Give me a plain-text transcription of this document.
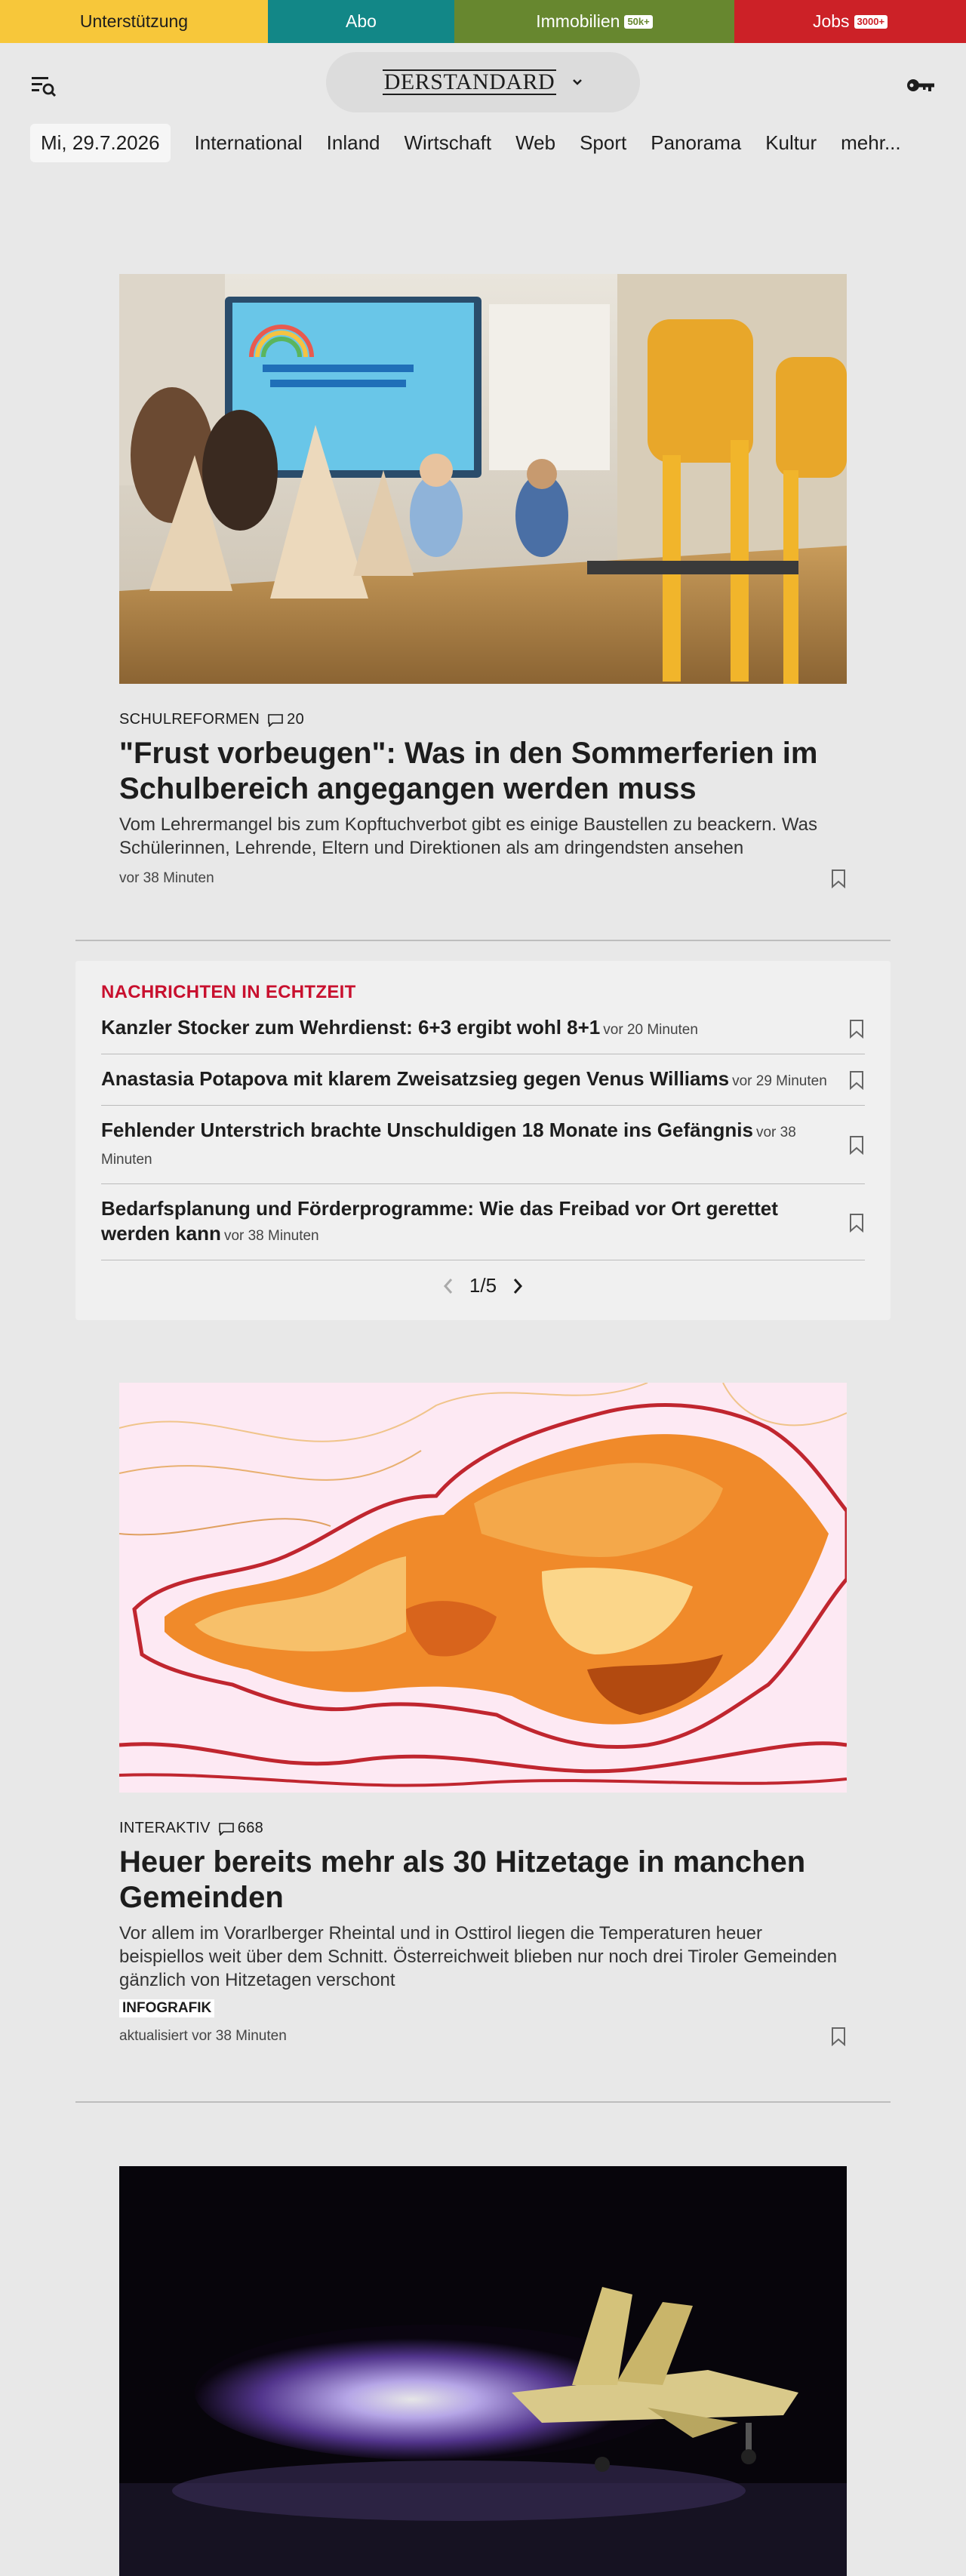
Unterstützung	Abo	Immobilien 50k+	Jobs 3000+
DERSTANDARD
Mi, 29.7.2026	International	Inland	Wirtschaft	Web	Sport	Panorama	Kultur	mehr...
SCHULREFORMEN 20
"Frust vorbeugen": Was in den Sommerferien im Schulbereich angegangen werden muss
Vom Lehrermangel bis zum Kopftuchverbot gibt es einige Baustellen zu beackern. Was Schülerinnen, Lehrende, Eltern und Direktionen als am dringendsten ansehen
vor 38 Minuten
NACHRICHTEN IN ECHTZEIT
Kanzler Stocker zum Wehrdienst: 6+3 ergibt wohl 8+1 vor 20 Minuten
Anastasia Potapova mit klarem Zweisatzsieg gegen Venus Williams vor 29 Minuten
Fehlender Unterstrich brachte Unschuldigen 18 Monate ins Gefängnis vor 38 Minuten
Bedarfsplanung und Förderprogramme: Wie das Freibad vor Ort gerettet werden kann vor 38 Minuten
1/5
INTERAKTIV 668
Heuer bereits mehr als 30 Hitzetage in manchen Gemeinden
Vor allem im Vorarlberger Rheintal und in Osttirol liegen die Temperaturen heuer beispiellos weit über dem Schnitt. Österreichweit blieben nur noch drei Tiroler Gemeinden gänzlich von Hitzetagen verschont
INFOGRAFIK
aktualisiert vor 38 Minuten
